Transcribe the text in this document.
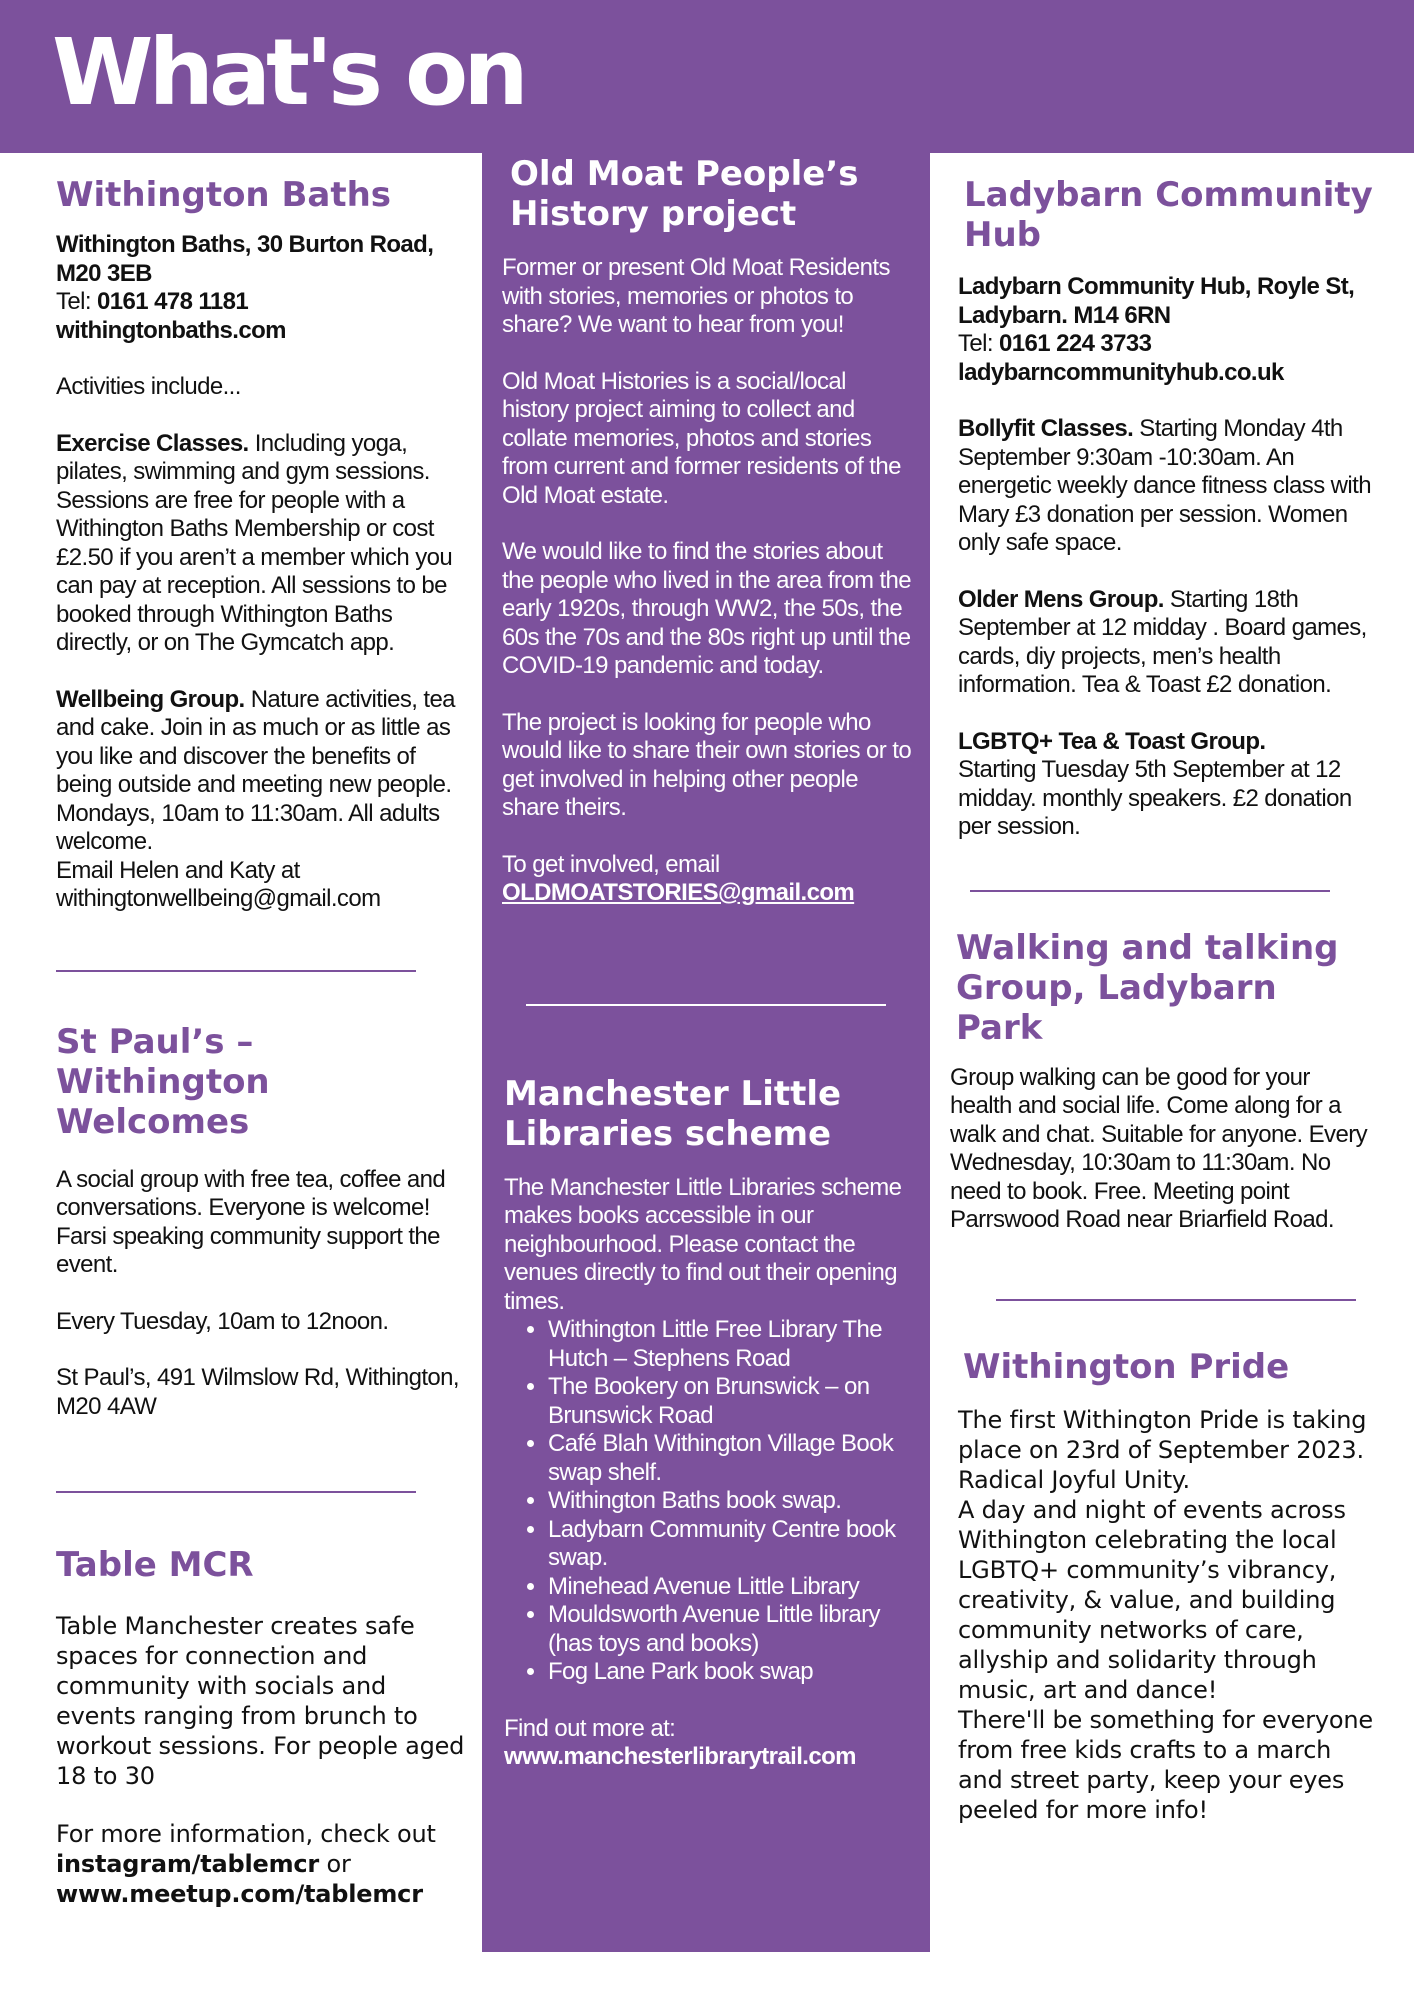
What's on
Withington Baths

Withington Baths, 30 Burton Road, M20 3EB

Tel: 0161 478 1181

withingtonbaths.com

Activities include...

Exercise Classes. Including yoga, pilates, swimming and gym sessions. Sessions are free for people with a Withington Baths Membership or cost £2.50 if you aren’t a member which you can pay at reception. All sessions to be booked through Withington Baths directly, or on The Gymcatch app.

Wellbeing Group. Nature activities, tea and cake. Join in as much or as little as you like and discover the benefits of being outside and meeting new people.

Mondays, 10am to 11:30am. All adults welcome.

Email Helen and Katy at withingtonwellbeing@gmail.com

St Paul’s – Withington Welcomes

A social group with free tea, coffee and conversations. Everyone is welcome! Farsi speaking community support the event.

Every Tuesday, 10am to 12noon.

St Paul’s, 491 Wilmslow Rd, Withington, M20 4AW

Table MCR

Table Manchester creates safe spaces for connection and community with socials and events ranging from brunch to workout sessions. For people aged 18 to 30

For more information, check out
instagram/tablemcr or
www.meetup.com/tablemcr

Old Moat People’s History project

Former or present Old Moat Residents with stories, memories or photos to share? We want to hear from you!

Old Moat Histories is a social/local history project aiming to collect and collate memories, photos and stories from current and former residents of the Old Moat estate.

We would like to find the stories about the people who lived in the area from the early 1920s, through WW2, the 50s, the 60s the 70s and the 80s right up until the COVID-19 pandemic and today.

The project is looking for people who would like to share their own stories or to get involved in helping other people share theirs.

To get involved, email

OLDMOATSTORIES@gmail.com

Manchester Little Libraries scheme

The Manchester Little Libraries scheme makes books accessible in our neighbourhood. Please contact the venues directly to find out their opening times.

• Withington Little Free Library The Hutch – Stephens Road
• The Bookery on Brunswick – on Brunswick Road
• Café Blah Withington Village Book swap shelf.
• Withington Baths book swap.
• Ladybarn Community Centre book swap.
• Minehead Avenue Little Library
• Mouldsworth Avenue Little library (has toys and books)
• Fog Lane Park book swap

Find out more at:

www.manchesterlibrarytrail.com

Ladybarn Community Hub

Ladybarn Community Hub, Royle St, Ladybarn. M14 6RN

Tel: 0161 224 3733

ladybarncommunityhub.co.uk

Bollyfit Classes. Starting Monday 4th September 9:30am -10:30am. An energetic weekly dance fitness class with Mary £3 donation per session. Women only safe space.

Older Mens Group. Starting 18th September at 12 midday . Board games, cards, diy projects, men’s health information. Tea & Toast £2 donation.

LGBTQ+ Tea & Toast Group.
Starting Tuesday 5th September at 12 midday. monthly speakers. £2 donation per session.

Walking and talking Group, Ladybarn Park

Group walking can be good for your health and social life. Come along for a walk and chat. Suitable for anyone. Every Wednesday, 10:30am to 11:30am. No need to book. Free. Meeting point Parrswood Road near Briarfield Road.

Withington Pride
The first Withington Pride is taking place on 23rd of September 2023.
Radical Joyful Unity.
A day and night of events across Withington celebrating the local LGBTQ+ community’s vibrancy, creativity, & value, and building community networks of care, allyship and solidarity through music, art and dance!
There'll be something for everyone from free kids crafts to a march and street party, keep your eyes peeled for more info!
